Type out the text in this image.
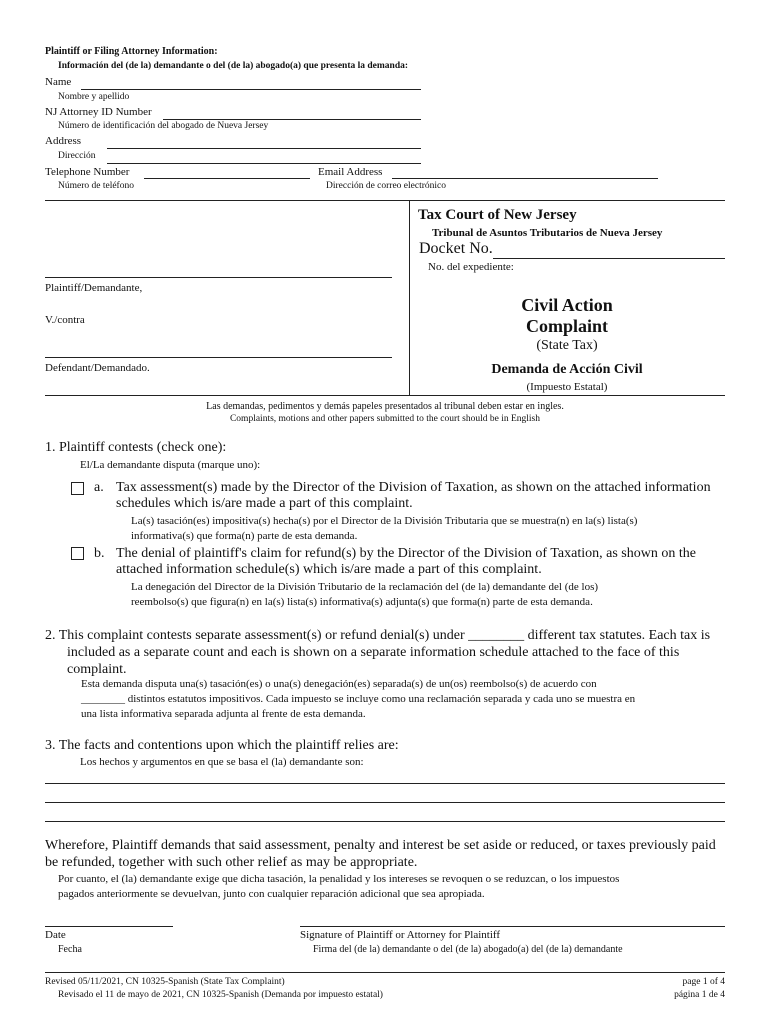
Plaintiff or Filing Attorney Information:
Información del (de la) demandante o del (de la) abogado(a) que presenta la demanda:
Name
Nombre y apellido
NJ Attorney ID Number
Número de identificación del abogado de Nueva Jersey
Address
Dirección
Telephone Number
Número de teléfono
Email Address
Dirección de correo electrónico
Tax Court of New Jersey
Tribunal de Asuntos Tributarios de Nueva Jersey
Docket No.
No. del expediente:
Plaintiff/Demandante,
V./contra
Defendant/Demandado.
Civil Action
Complaint
(State Tax)
Demanda de Acción Civil
(Impuesto Estatal)
Las demandas, pedimentos y demás papeles presentados al tribunal deben estar en ingles.
Complaints, motions and other papers submitted to the court should be in English
1. Plaintiff contests (check one):
El/La demandante disputa (marque uno):
a. Tax assessment(s) made by the Director of the Division of Taxation, as shown on the attached information
schedules which is/are made a part of this complaint.
La(s) tasación(es) impositiva(s) hecha(s) por el Director de la División Tributaria que se muestra(n) en la(s) lista(s)
informativa(s) que forma(n) parte de esta demanda.
b. The denial of plaintiff's claim for refund(s) by the Director of the Division of Taxation, as shown on the
attached information schedule(s) which is/are made a part of this complaint.
La denegación del Director de la División Tributario de la reclamación del (de la) demandante del (de los)
reembolso(s) que figura(n) en la(s) lista(s) informativa(s) adjunta(s) que forma(n) parte de esta demanda.
2. This complaint contests separate assessment(s) or refund denial(s) under ________ different tax statutes. Each tax is
included as a separate count and each is shown on a separate information schedule attached to the face of this
complaint.
Esta demanda disputa una(s) tasación(es) o una(s) denegación(es) separada(s) de un(os) reembolso(s) de acuerdo con
________ distintos estatutos impositivos. Cada impuesto se incluye como una reclamación separada y cada uno se muestra en
una lista informativa separada adjunta al frente de esta demanda.
3. The facts and contentions upon which the plaintiff relies are:
Los hechos y argumentos en que se basa el (la) demandante son:
Wherefore, Plaintiff demands that said assessment, penalty and interest be set aside or reduced, or taxes previously paid
be refunded, together with such other relief as may be appropriate.
Por cuanto, el (la) demandante exige que dicha tasación, la penalidad y los intereses se revoquen o se reduzcan, o los impuestos
pagados anteriormente se devuelvan, junto con cualquier reparación adicional que sea apropiada.
Date
Fecha
Signature of Plaintiff or Attorney for Plaintiff
Firma del (de la) demandante o del (de la) abogado(a) del (de la) demandante
Revised 05/11/2021, CN 10325-Spanish (State Tax Complaint)
Revisado el 11 de mayo de 2021, CN 10325-Spanish (Demanda por impuesto estatal)
page 1 of 4
página 1 de 4
